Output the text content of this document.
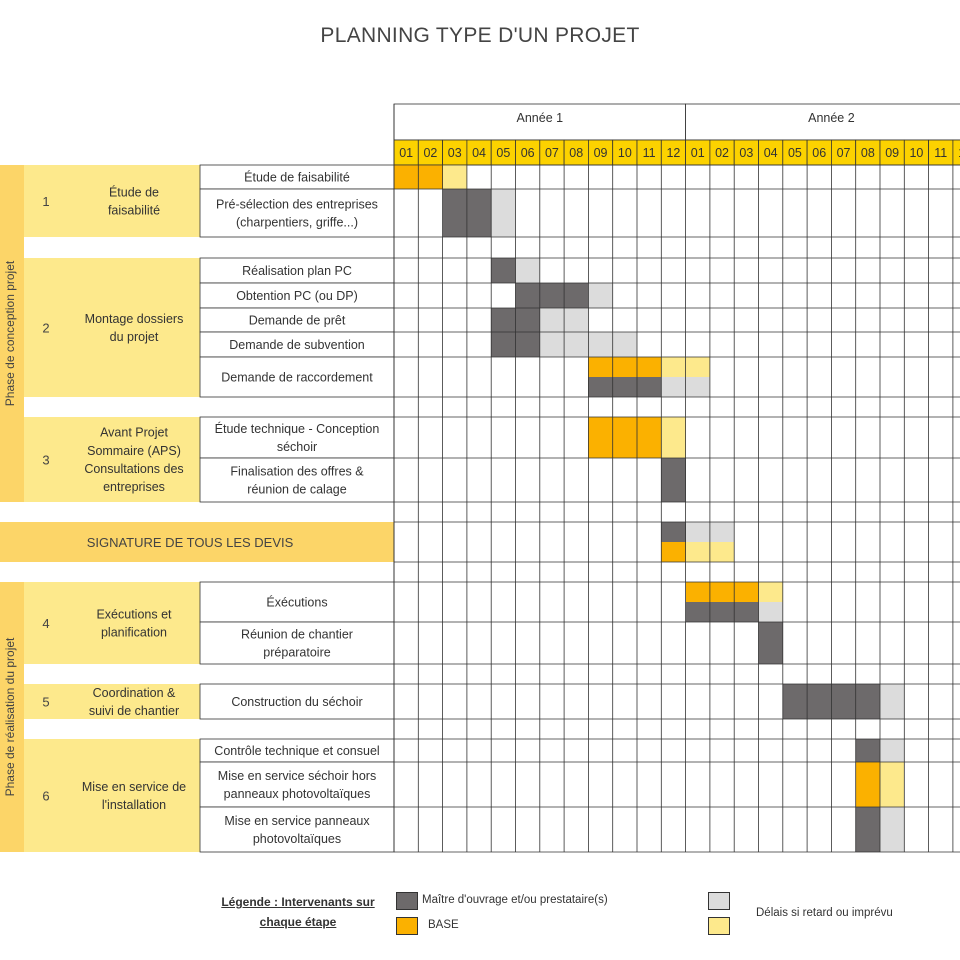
PLANNING TYPE D'UN PROJET
Phase de conception projet
Phase de réalisation du projet
1
Étude de faisabilité
2
Montage dossiers du projet
3
Avant Projet Sommaire (APS) Consultations des entreprises
SIGNATURE DE TOUS LES DEVIS
4
Exécutions et planification
5
Coordination & suivi de chantier
6
Mise en service de l'installation
Étude de faisabilité
Pré-sélection des entreprises (charpentiers, griffe...)
Réalisation plan PC
Obtention PC (ou DP)
Demande de prêt
Demande de subvention
Demande de raccordement
Étude technique - Conception séchoir
Finalisation des offres & réunion de calage
Éxécutions
Réunion de chantier préparatoire
Construction du séchoir
Contrôle technique et consuel
Mise en service séchoir hors panneaux photovoltaïques
Mise en service panneaux photovoltaïques
Année 1	Année 2
01 02 03 04 05 06 07 08 09 10 11 12 01 02 03 04 05 06 07 08 09 10 11
Légende : Intervenants sur chaque étape
Maître d'ouvrage et/ou prestataire(s)
BASE
Délais si retard ou imprévu
